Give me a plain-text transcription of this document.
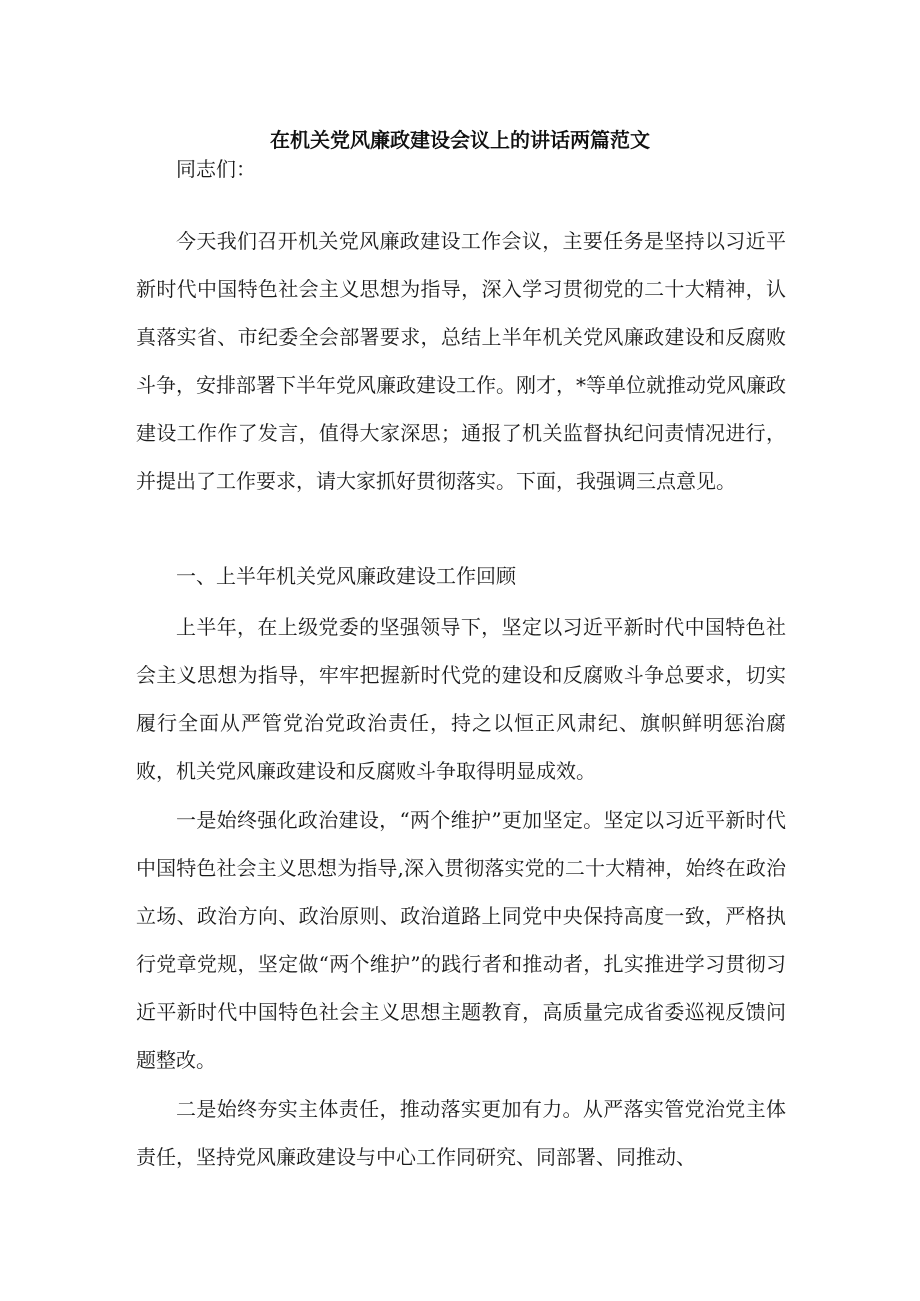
在机关党风廉政建设会议上的讲话两篇范文

同志们：

今天我们召开机关党风廉政建设工作会议，主要任务是坚持以习近平新时代中国特色社会主义思想为指导，深入学习贯彻党的二十大精神，认真落实省、市纪委全会部署要求，总结上半年机关党风廉政建设和反腐败斗争，安排部署下半年党风廉政建设工作。刚才，*等单位就推动党风廉政建设工作作了发言，值得大家深思；通报了机关监督执纪问责情况进行，并提出了工作要求，请大家抓好贯彻落实。下面，我强调三点意见。

一、上半年机关党风廉政建设工作回顾

上半年，在上级党委的坚强领导下，坚定以习近平新时代中国特色社会主义思想为指导，牢牢把握新时代党的建设和反腐败斗争总要求，切实履行全面从严管党治党政治责任，持之以恒正风肃纪、旗帜鲜明惩治腐败，机关党风廉政建设和反腐败斗争取得明显成效。

一是始终强化政治建设，“两个维护”更加坚定。坚定以习近平新时代中国特色社会主义思想为指导,深入贯彻落实党的二十大精神，始终在政治立场、政治方向、政治原则、政治道路上同党中央保持高度一致，严格执行党章党规，坚定做“两个维护”的践行者和推动者，扎实推进学习贯彻习近平新时代中国特色社会主义思想主题教育，高质量完成省委巡视反馈问题整改。

二是始终夯实主体责任，推动落实更加有力。从严落实管党治党主体责任，坚持党风廉政建设与中心工作同研究、同部署、同推动、
